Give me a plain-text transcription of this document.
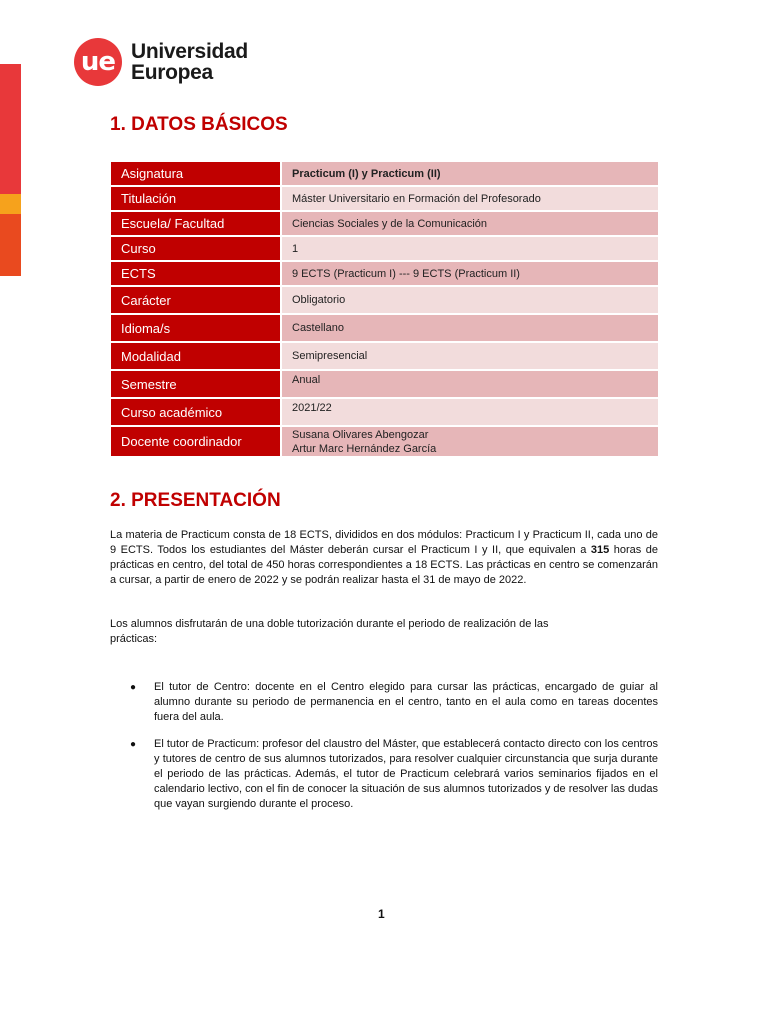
ue Universidad
Europea
1. DATOS BÁSICOS
Asignatura	Practicum (I) y Practicum (II)
Titulación	Máster Universitario en Formación del Profesorado
Escuela/ Facultad	Ciencias Sociales y de la Comunicación
Curso	1
ECTS	9 ECTS (Practicum I) --- 9 ECTS (Practicum II)
Carácter	Obligatorio
Idioma/s	Castellano
Modalidad	Semipresencial
Semestre	Anual
Curso académico	2021/22
Docente coordinador	Susana Olivares Abengozar
Artur Marc Hernández García
2. PRESENTACIÓN

La materia de Practicum consta de 18 ECTS, divididos en dos módulos: Practicum I y Practicum II, cada uno de 9 ECTS. Todos los estudiantes del Máster deberán cursar el Practicum I y II, que equivalen a 315 horas de prácticas en centro, del total de 450 horas correspondientes a 18 ECTS. Las prácticas en centro se comenzarán a cursar, a partir de enero de 2022 y se podrán realizar hasta el 31 de mayo de 2022.

Los alumnos disfrutarán de una doble tutorización durante el periodo de realización de las prácticas:

● El tutor de Centro: docente en el Centro elegido para cursar las prácticas, encargado de guiar al alumno durante su periodo de permanencia en el centro, tanto en el aula como en tareas docentes fuera del aula.
● El tutor de Practicum: profesor del claustro del Máster, que establecerá contacto directo con los centros y tutores de centro de sus alumnos tutorizados, para resolver cualquier circunstancia que surja durante el periodo de las prácticas. Además, el tutor de Practicum celebrará varios seminarios fijados en el calendario lectivo, con el fin de conocer la situación de sus alumnos tutorizados y de resolver las dudas que vayan surgiendo durante el proceso.
1
